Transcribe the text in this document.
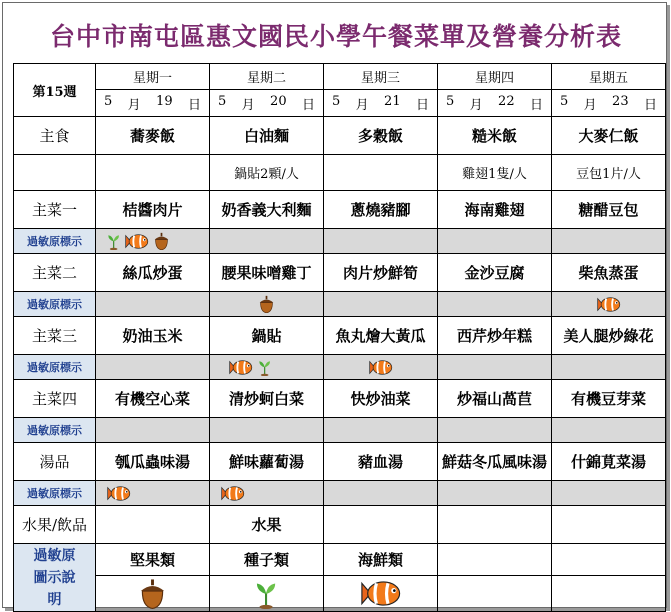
台中市南屯區惠文國民小學午餐菜單及營養分析表
第15週	星期一	星期二	星期三	星期四	星期五

	5 月 19 日	5 月 20 日	5 月 21 日	5 月 22 日	5 月 23 日

主食	蕎麥飯	白油麵	多穀飯	糙米飯	大麥仁飯
		鍋貼2顆/人		雞翅1隻/人	豆包1片/人
主菜一	桔醬肉片	奶香義大利麵	蔥燒豬腳	海南雞翅	糖醋豆包
過敏原標示	

主菜二	絲瓜炒蛋	腰果味噌雞丁	肉片炒鮮筍	金沙豆腐	柴魚蒸蛋
過敏原標示	

主菜三	奶油玉米	鍋貼	魚丸燴大黃瓜	西芹炒年糕	美人腿炒綠花
過敏原標示	

主菜四	有機空心菜	清炒蚵白菜	快炒油菜	炒福山萵苣	有機豆芽菜
過敏原標示	

湯品	瓠瓜蟲味湯	鮮味蘿蔔湯	豬血湯	鮮菇冬瓜風味湯	什錦莧菜湯
過敏原標示	

水果/飲品		水果			
過敏原圖示說明	堅果類	種子類	海鮮類		
